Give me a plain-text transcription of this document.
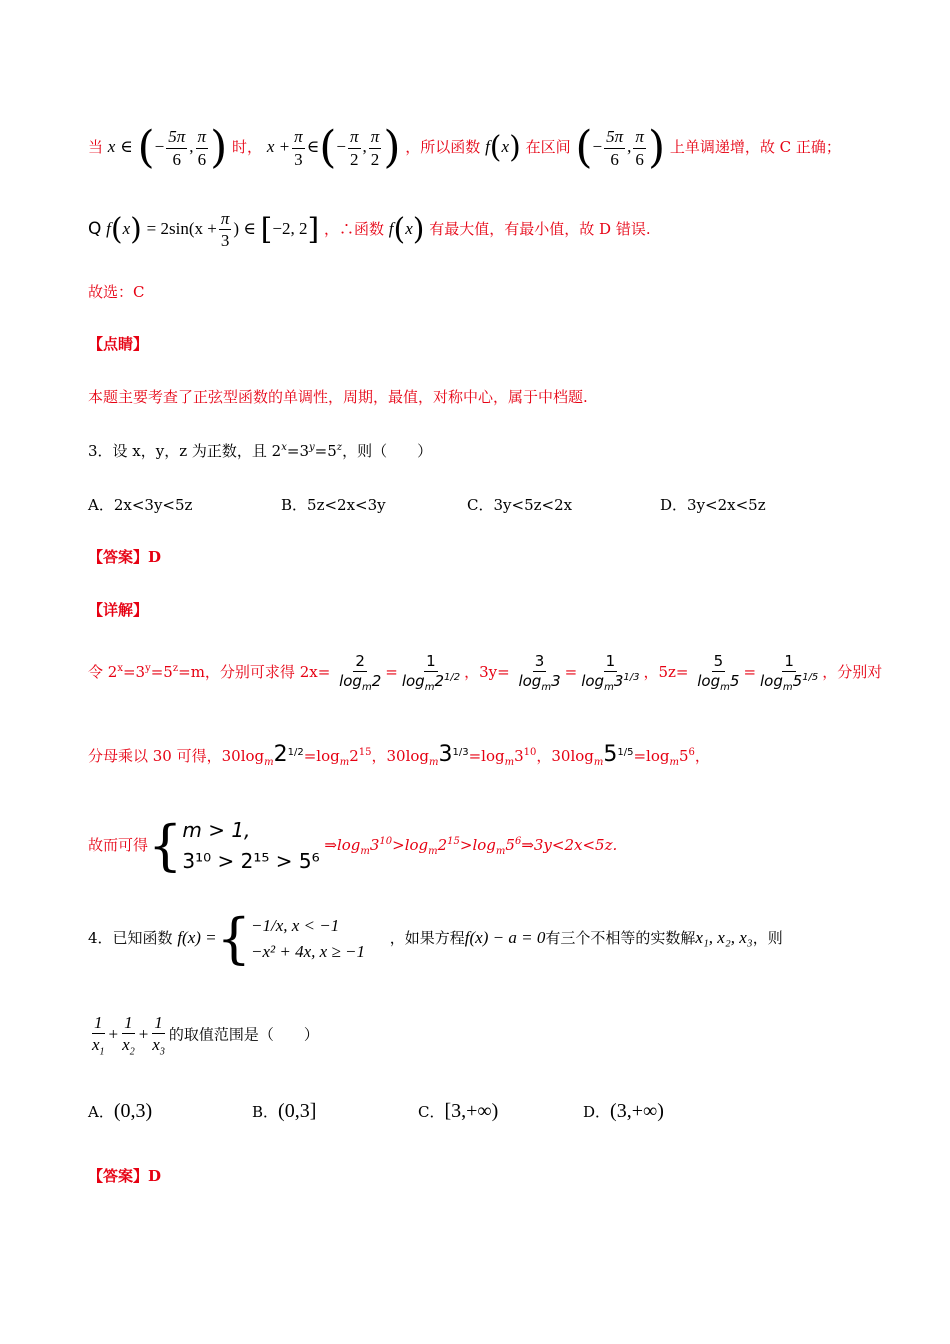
当 x ∈ (− $\frac{5\pi}{6}$ , $\frac{\pi}{6}$ ) 时， $x + \frac{\pi}{3}$ ∈(− $\frac{\pi}{2}$ , $\frac{\pi}{2}$ ) ，所以函数 f(x) 在区间 (− $\frac{5\pi}{6}$ , $\frac{\pi}{6}$ ) 上单调递增，故 C 正确；
Q $f(x) = 2\sin(x + \frac{\pi}{3}$ ) ∈ [−2, 2] ，∴函数 f(x) 有最大值，有最小值，故 D 错误.
故选：C
【点睛】
本题主要考查了正弦型函数的单调性，周期，最值，对称中心，属于中档题.
3．设 x，y，z 为正数，且 $2^x=3^y=5^z$，则（　　）
A．2x<3y<5z	B．5z<2x<3y	C．3y<5z<2x	D．3y<2x<5z
【答案】D
【详解】
令 $2^x=3^y=5^z=m$，分别可求得 $2x= \frac{2}{\log_m2} = \frac{1}{\log_m2^{1/2}}$ ，$3y= \frac{3}{\log_m3} = \frac{1}{\log_m3^{1/3}}$ ，$5z= \frac{5}{\log_m5} = \frac{1}{\log_m5^{1/5}}$ ，分别对
分母乘以 30 可得，$30\log_m2^{1/2}=\log_m2^{15}$，$30\log_m3^{1/3}=\log_m3^{10}$，$30\log_m5^{1/5}=\log_m5^6$，
故而可得{ m > 1,
3¹⁰ > 2¹⁵ > 5⁶
$\Rightarrow\log_m3^{10}>\log_m2^{15}>\log_m5^6\Rightarrow 3y<2x<5z$.
4．已知函数 f(x) ={ −1/x, x < −1
−x² + 4x, x ≥ −1
，如果方程f(x) − a = 0有三个不相等的实数解x₁, x₂, x₃，则
$\frac{1}{x_1} + \frac{1}{x_2} + \frac{1}{x_3}$ 的取值范围是（　　）
A．(0,3)	B．(0,3]	C．[3,+∞)	D．(3,+∞)
【答案】D
